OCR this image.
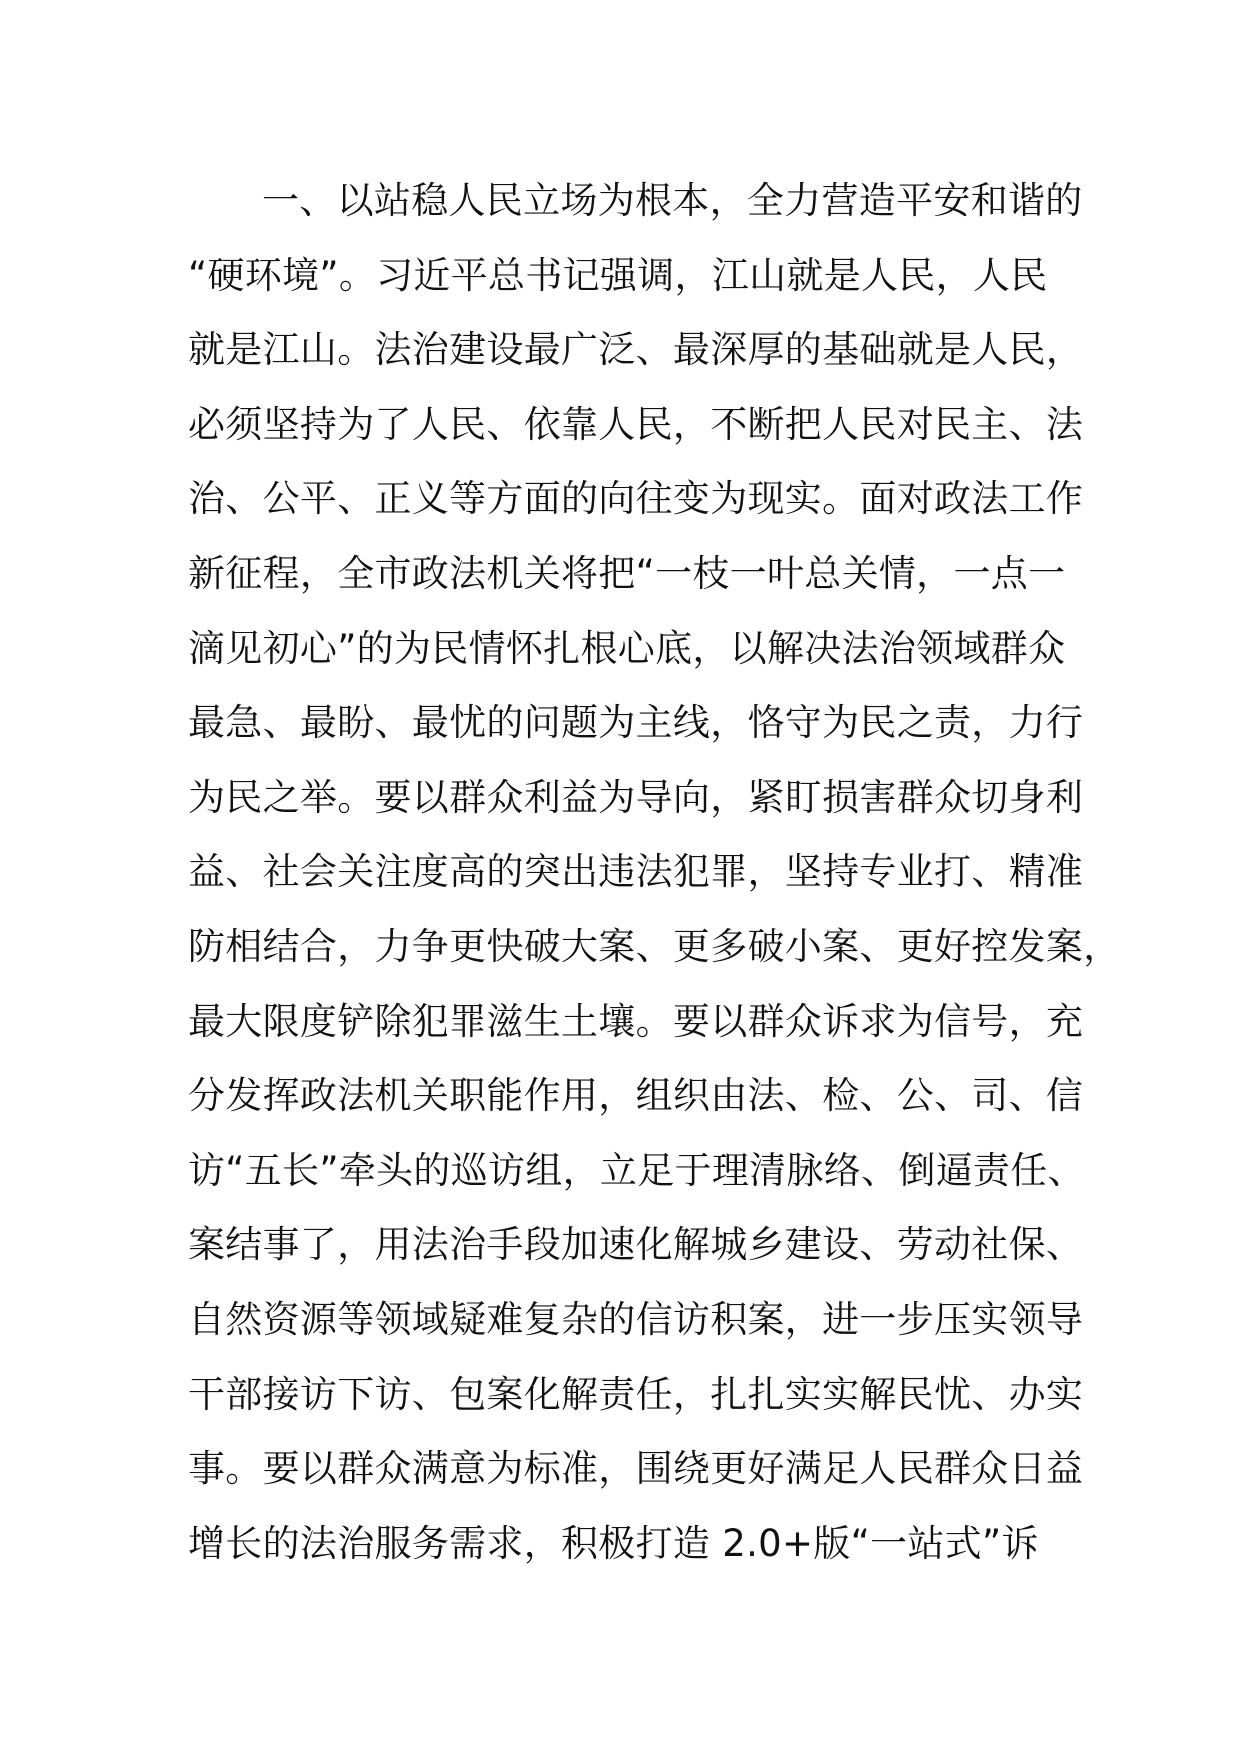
一、以站稳人民立场为根本，全力营造平安和谐的
“硬环境”。习近平总书记强调，江山就是人民，人民
就是江山。法治建设最广泛、最深厚的基础就是人民，
必须坚持为了人民、依靠人民，不断把人民对民主、法
治、公平、正义等方面的向往变为现实。面对政法工作
新征程，全市政法机关将把“一枝一叶总关情，一点一
滴见初心”的为民情怀扎根心底，以解决法治领域群众
最急、最盼、最忧的问题为主线，恪守为民之责，力行
为民之举。要以群众利益为导向，紧盯损害群众切身利
益、社会关注度高的突出违法犯罪，坚持专业打、精准
防相结合，力争更快破大案、更多破小案、更好控发案，
最大限度铲除犯罪滋生土壤。要以群众诉求为信号，充
分发挥政法机关职能作用，组织由法、检、公、司、信
访“五长”牵头的巡访组，立足于理清脉络、倒逼责任、
案结事了，用法治手段加速化解城乡建设、劳动社保、
自然资源等领域疑难复杂的信访积案，进一步压实领导
干部接访下访、包案化解责任，扎扎实实解民忧、办实
事。要以群众满意为标准，围绕更好满足人民群众日益
增长的法治服务需求，积极打造 2.0+版“一站式”诉
